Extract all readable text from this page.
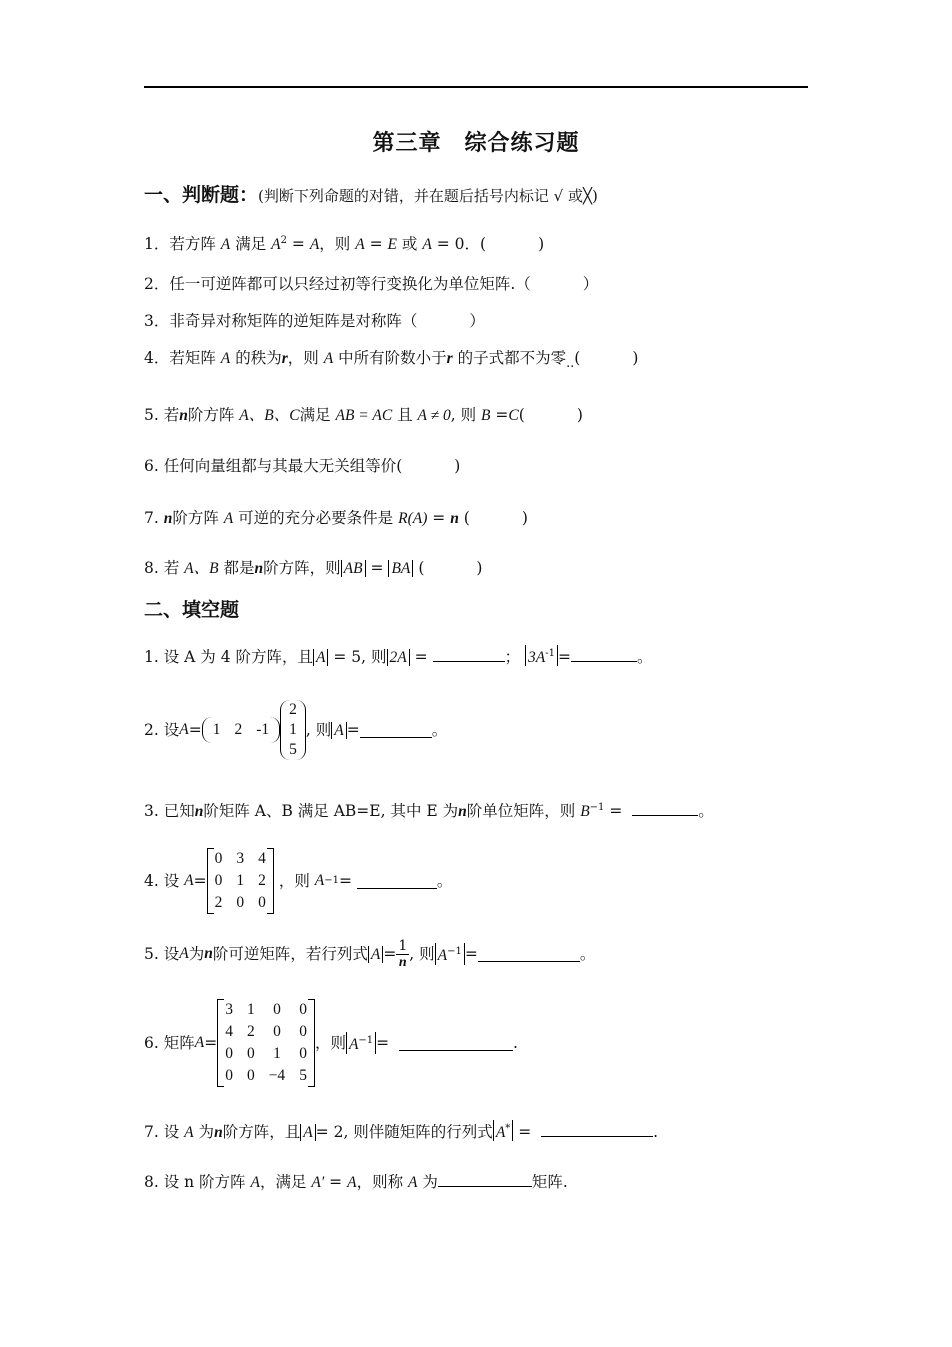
第三章　综合练习题
一、判断题：(判断下列命题的对错，并在题后括号内标记 √ 或╳)
1．若方阵 A 满足 $A^2 = A$，则 A = E 或 A = 0．(	)
2．任一可逆阵都可以只经过初等行变换化为单位矩阵.（	）
3．非奇异对称矩阵的逆矩阵是对称阵（	）
4．若矩阵 A 的秩为r，则 A 中所有阶数小于r 的子式都不为零$_{..}$(	)
5. 若n阶方阵 A、B、C满足 AB = AC 且 A ≠ 0, 则 B =C(	)
6. 任何向量组都与其最大无关组等价(	)
7. n阶方阵 A 可逆的充分必要条件是 R(A) = n (	)
8. 若 A、B 都是n阶方阵，则 AB = BA (	)
二、填空题
1. 设 A 为 4 阶方阵，且 A = 5, 则 2A =	； $3A^{-1}$ =	。
2. 设 A = 1	2	-1
2
1
5
, 则 A =	。
3. 已知n阶矩阵 A、B 满足 AB=E, 其中 E 为n阶单位矩阵，则 $B^{-1}$ =	。
4. 设
A =
0	3	4
0	1	2
2	0	0

，则
A −1 =
	。
5. 设 A 为 n 阶可逆矩阵，若行列式 $A = \frac{1}{n}$ , 则 $A^{-1}$ =	。
6. 矩阵 A =
3	1	0	0
4	2	0	0
0	0	1	0
0	0	−4	5
，则 $A^{-1}$ =
	.
7. 设 A 为n阶方阵，且 A = 2, 则伴随矩阵的行列式 A* =	.
8. 设 n 阶方阵 A，满足 A′ = A，则称 A 为	矩阵.
